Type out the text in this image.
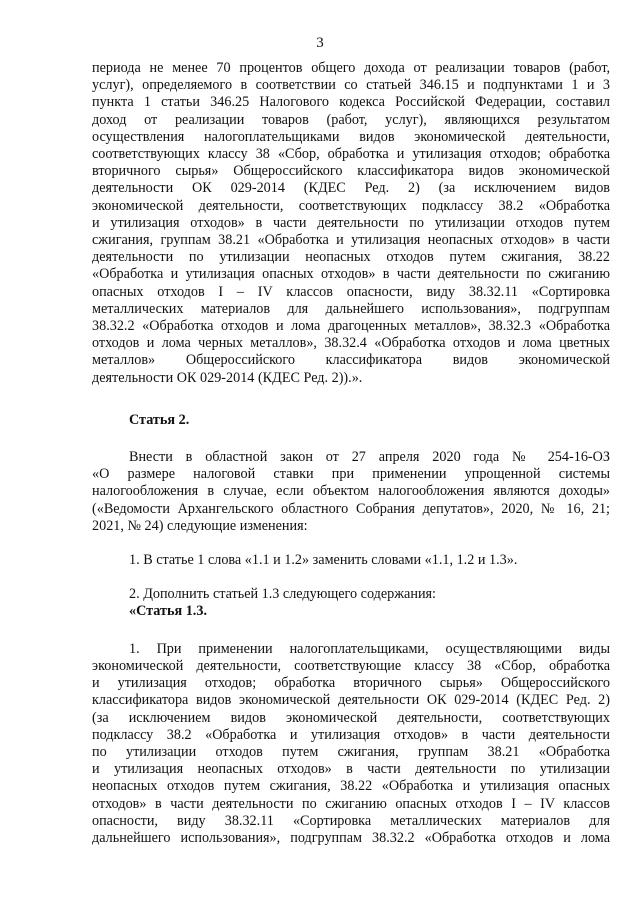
3
периода не менее 70 процентов общего дохода от реализации товаров (работ,
услуг), определяемого в соответствии со статьей 346.15 и подпунктами 1 и 3
пункта 1 статьи 346.25 Налогового кодекса Российской Федерации, составил
доход от реализации товаров (работ, услуг), являющихся результатом
осуществления налогоплательщиками видов экономической деятельности,
соответствующих классу 38 «Сбор, обработка и утилизация отходов; обработка
вторичного сырья» Общероссийского классификатора видов экономической
деятельности ОК 029-2014 (КДЕС Ред. 2) (за исключением видов
экономической деятельности, соответствующих подклассу 38.2 «Обработка
и утилизация отходов» в части деятельности по утилизации отходов путем
сжигания, группам 38.21 «Обработка и утилизация неопасных отходов» в части
деятельности по утилизации неопасных отходов путем сжигания, 38.22
«Обработка и утилизация опасных отходов» в части деятельности по сжиганию
опасных отходов I – IV классов опасности, виду 38.32.11 «Сортировка
металлических материалов для дальнейшего использования», подгруппам
38.32.2 «Обработка отходов и лома драгоценных металлов», 38.32.3 «Обработка
отходов и лома черных металлов», 38.32.4 «Обработка отходов и лома цветных
металлов» Общероссийского классификатора видов экономической
деятельности ОК 029-2014 (КДЕС Ред. 2)).».
Статья 2.
Внести в областной закон от 27 апреля 2020 года № 254-16-ОЗ
«О размере налоговой ставки при применении упрощенной системы
налогообложения в случае, если объектом налогообложения являются доходы»
(«Ведомости Архангельского областного Собрания депутатов», 2020, № 16, 21;
2021, № 24) следующие изменения:
1. В статье 1 слова «1.1 и 1.2» заменить словами «1.1, 1.2 и 1.3».
2. Дополнить статьей 1.3 следующего содержания:
«Статья 1.3.
1. При применении налогоплательщиками, осуществляющими виды
экономической деятельности, соответствующие классу 38 «Сбор, обработка
и утилизация отходов; обработка вторичного сырья» Общероссийского
классификатора видов экономической деятельности ОК 029-2014 (КДЕС Ред. 2)
(за исключением видов экономической деятельности, соответствующих
подклассу 38.2 «Обработка и утилизация отходов» в части деятельности
по утилизации отходов путем сжигания, группам 38.21 «Обработка
и утилизация неопасных отходов» в части деятельности по утилизации
неопасных отходов путем сжигания, 38.22 «Обработка и утилизация опасных
отходов» в части деятельности по сжиганию опасных отходов I – IV классов
опасности, виду 38.32.11 «Сортировка металлических материалов для
дальнейшего использования», подгруппам 38.32.2 «Обработка отходов и лома
